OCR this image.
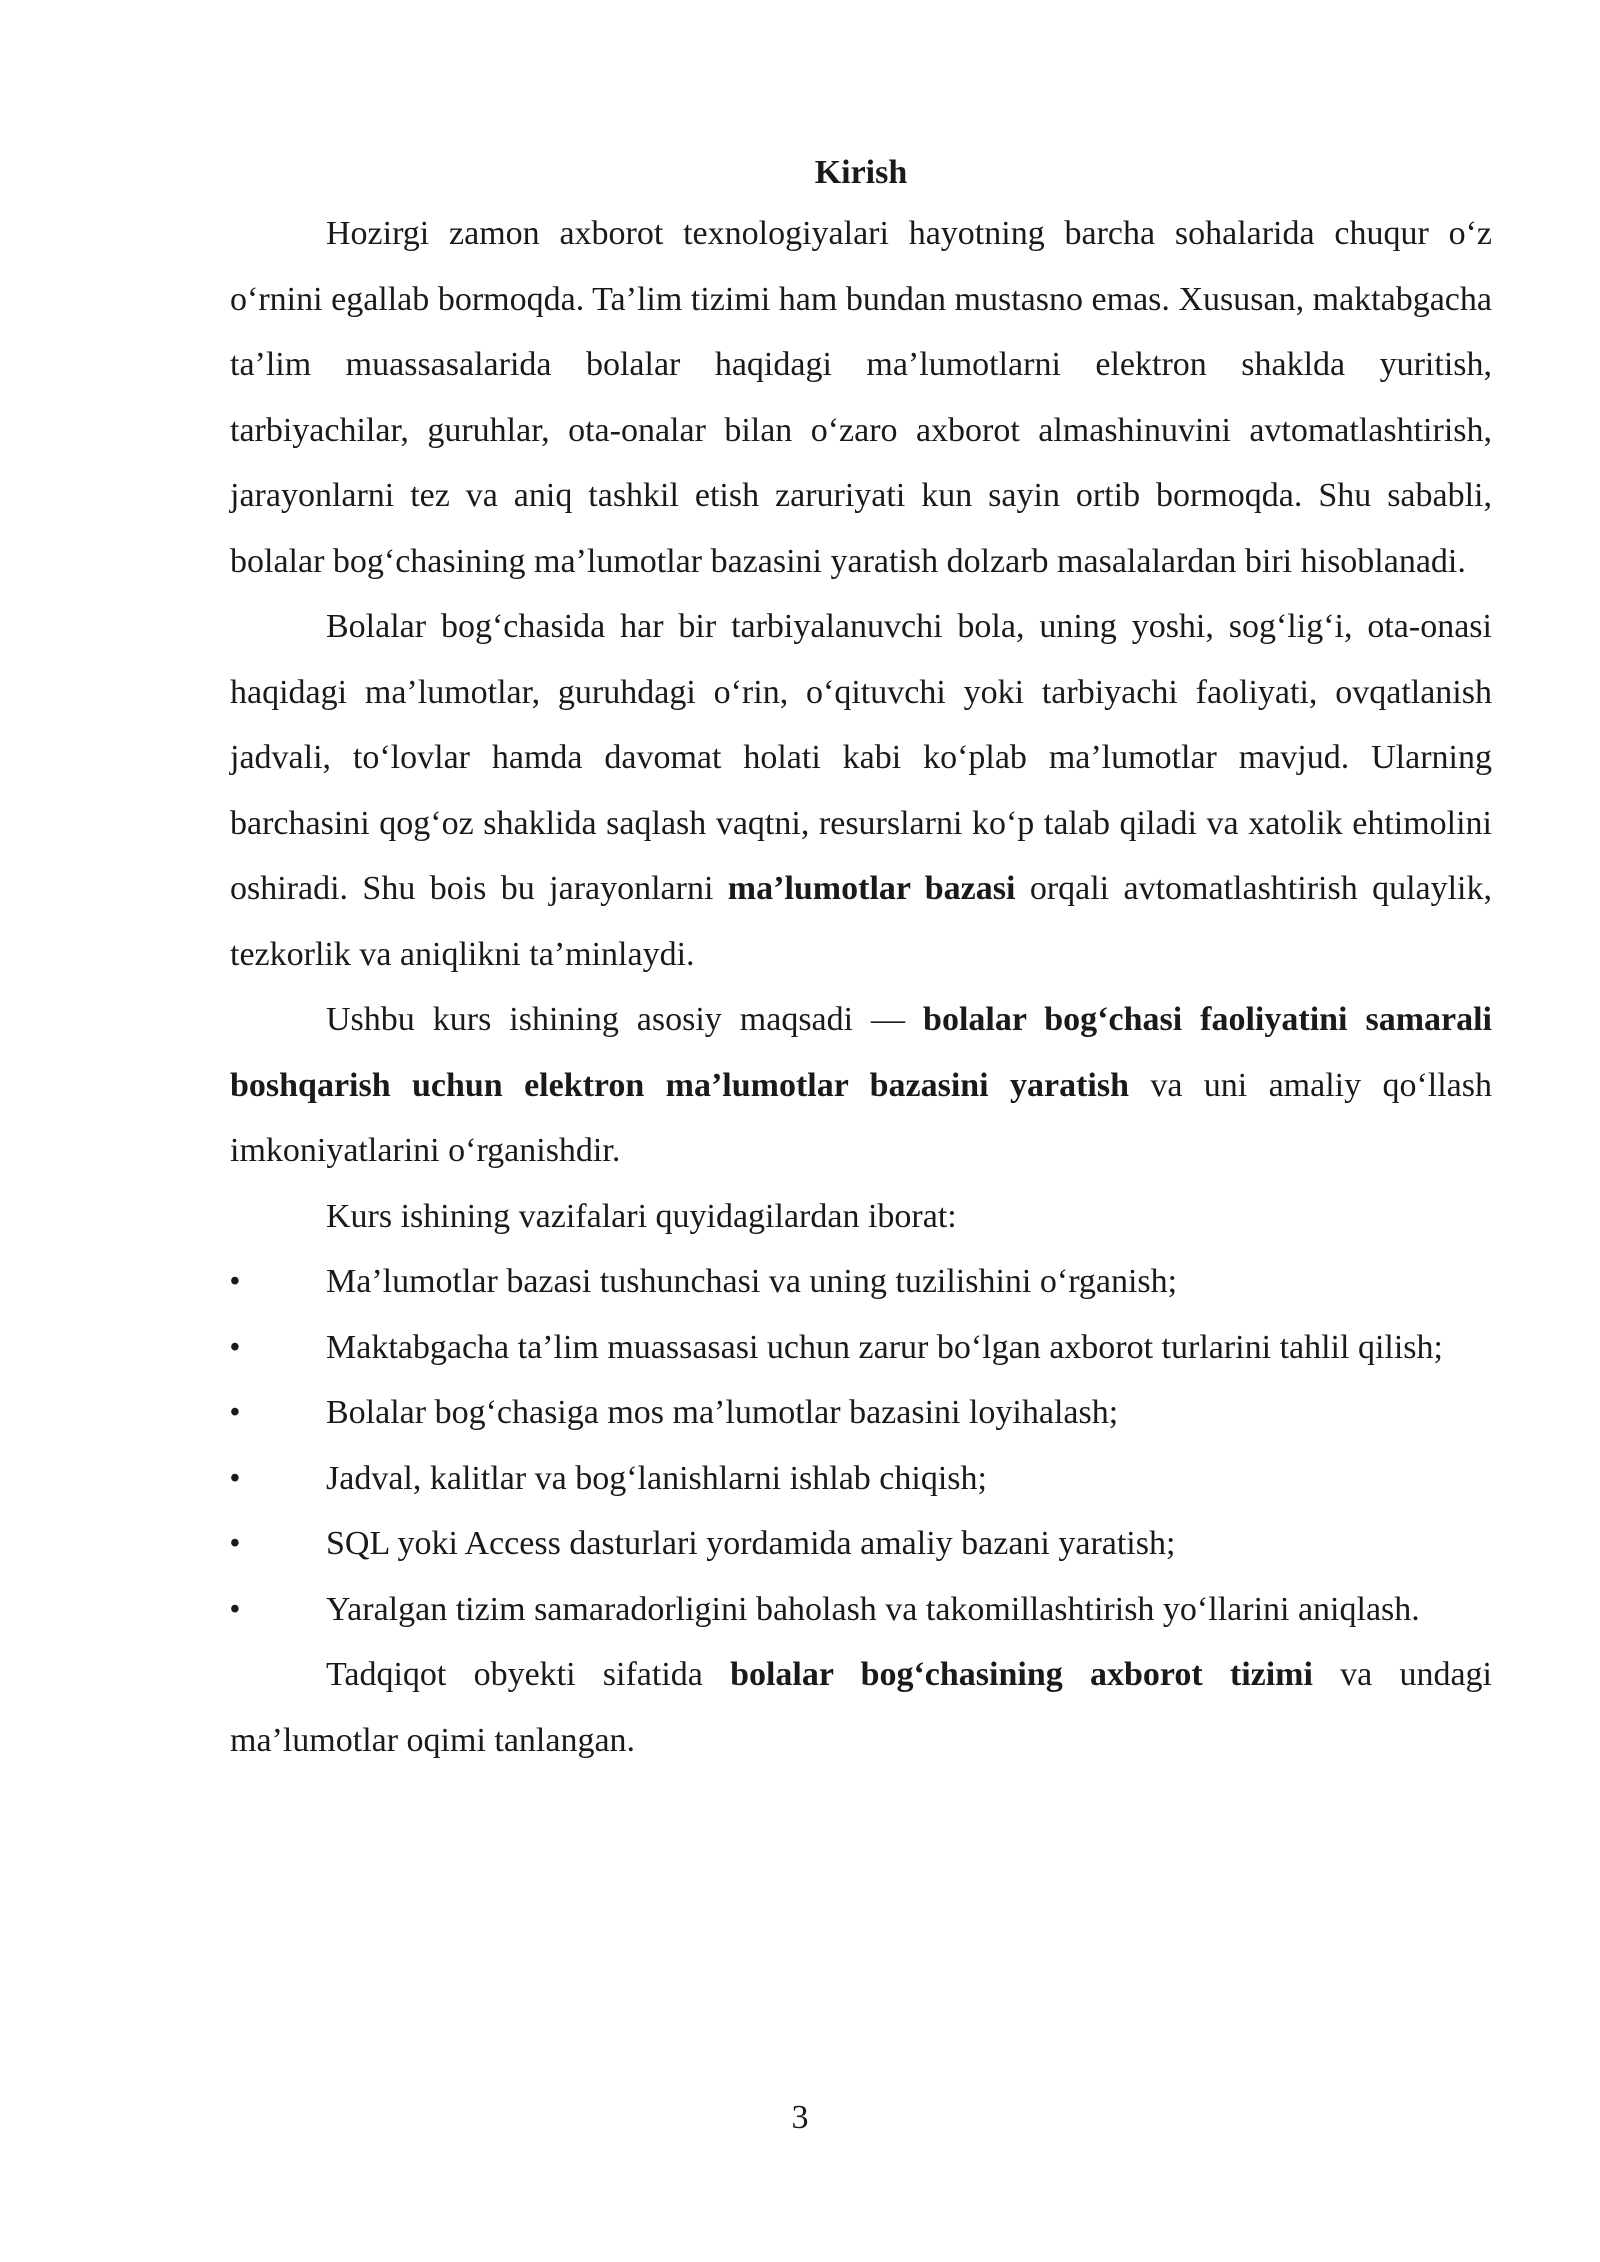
Kirish

Hozirgi zamon axborot texnologiyalari hayotning barcha sohalarida chuqur o‘z o‘rnini egallab bormoqda. Ta’lim tizimi ham bundan mustasno emas. Xususan, maktabgacha ta’lim muassasalarida bolalar haqidagi ma’lumotlarni elektron shaklda yuritish, tarbiyachilar, guruhlar, ota-onalar bilan o‘zaro axborot almashinuvini avtomatlashtirish, jarayonlarni tez va aniq tashkil etish zaruriyati kun sayin ortib bormoqda. Shu sababli, bolalar bog‘chasining ma’lumotlar bazasini yaratish dolzarb masalalardan biri hisoblanadi.

Bolalar bog‘chasida har bir tarbiyalanuvchi bola, uning yoshi, sog‘lig‘i, ota-onasi haqidagi ma’lumotlar, guruhdagi o‘rin, o‘qituvchi yoki tarbiyachi faoliyati, ovqatlanish jadvali, to‘lovlar hamda davomat holati kabi ko‘plab ma’lumotlar mavjud. Ularning barchasini qog‘oz shaklida saqlash vaqtni, resurslarni ko‘p talab qiladi va xatolik ehtimolini oshiradi. Shu bois bu jarayonlarni ma’lumotlar bazasi orqali avtomatlashtirish qulaylik, tezkorlik va aniqlikni ta’minlaydi.

Ushbu kurs ishining asosiy maqsadi — bolalar bog‘chasi faoliyatini samarali boshqarish uchun elektron ma’lumotlar bazasini yaratish va uni amaliy qo‘llash imkoniyatlarini o‘rganishdir.

Kurs ishining vazifalari quyidagilardan iborat:

•	Ma’lumotlar bazasi tushunchasi va uning tuzilishini o‘rganish;
•	Maktabgacha ta’lim muassasasi uchun zarur bo‘lgan axborot turlarini tahlil qilish;
•	Bolalar bog‘chasiga mos ma’lumotlar bazasini loyihalash;
•	Jadval, kalitlar va bog‘lanishlarni ishlab chiqish;
•	SQL yoki Access dasturlari yordamida amaliy bazani yaratish;
•	Yaralgan tizim samaradorligini baholash va takomillashtirish yo‘llarini aniqlash.

Tadqiqot obyekti sifatida bolalar bog‘chasining axborot tizimi va undagi ma’lumotlar oqimi tanlangan.

3
